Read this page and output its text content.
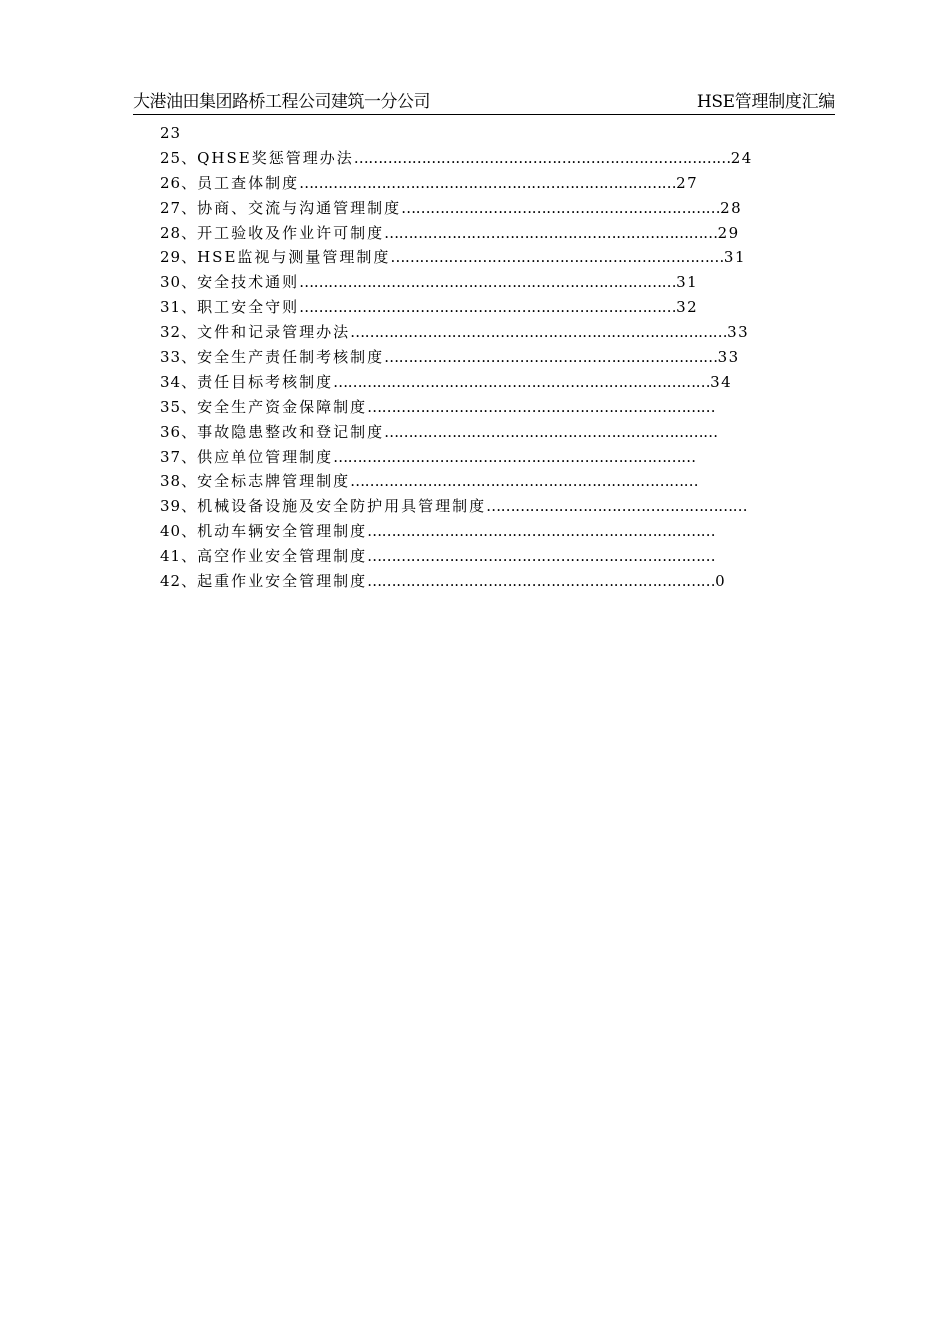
大港油田集团路桥工程公司建筑一分公司	HSE管理制度汇编
23
25、 QHSE奖惩管理办法 …………………………………………………………………… 24
26、 员工查体制度 …………………………………………………………………… 27
27、 协商、交流与沟通管理制度 ………………………………………………………… 28
28、 开工验收及作业许可制度 …………………………………………………………… 29
29、 HSE监视与测量管理制度 …………………………………………………………… 31
30、 安全技术通则 …………………………………………………………………… 31
31、 职工安全守则 …………………………………………………………………… 32
32、 文件和记录管理办法 …………………………………………………………………… 33
33、 安全生产责任制考核制度 …………………………………………………………… 33
34、 责任目标考核制度 …………………………………………………………………… 34
35、 安全生产资金保障制度 ………………………………………………………………
36、 事故隐患整改和登记制度 ……………………………………………………………
37、 供应单位管理制度 …………………………………………………………………
38、 安全标志牌管理制度 ………………………………………………………………
39、 机械设备设施及安全防护用具管理制度 ………………………………………………
40、 机动车辆安全管理制度 ………………………………………………………………
41、 高空作业安全管理制度 ………………………………………………………………
42、 起重作业安全管理制度 ……………………………………………………………… 0
